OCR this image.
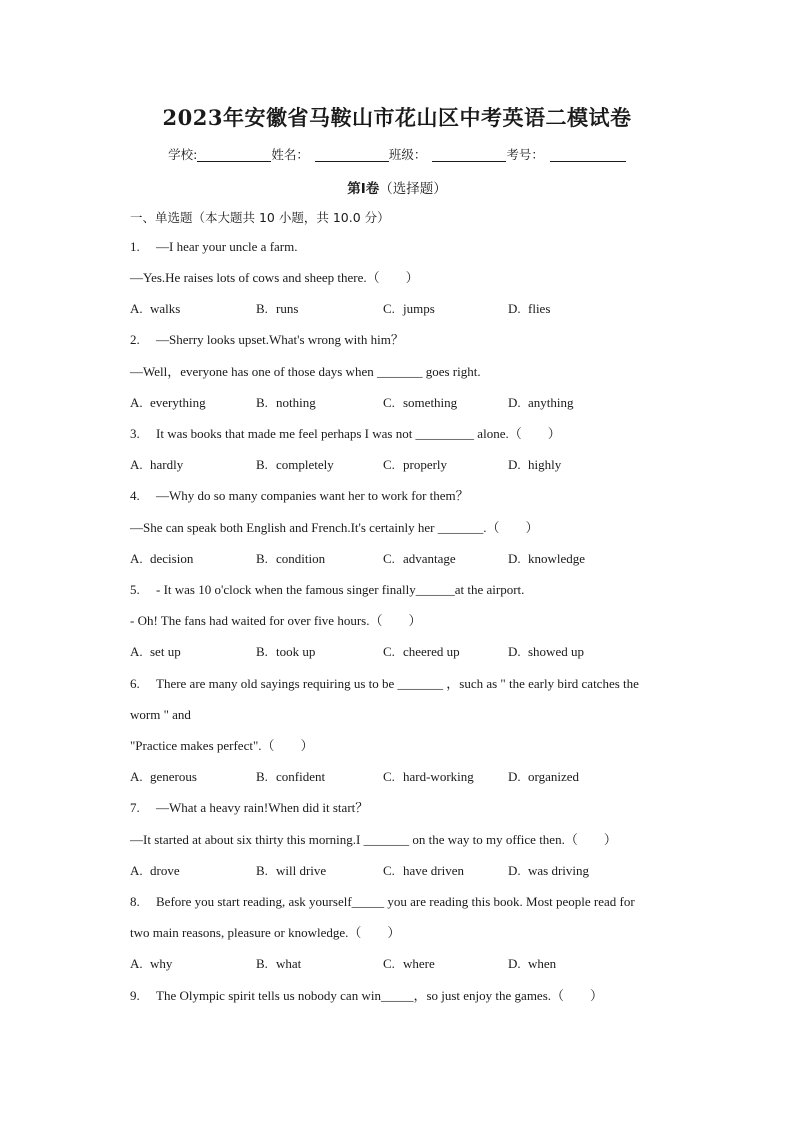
2023年安徽省马鞍山市花山区中考英语二模试卷
学校:	姓名：	班级：	考号：
第Ⅰ卷（选择题）
一、单选题（本大题共 10 小题，共 10.0 分）
1. —I hear your uncle a farm.
—Yes.He raises lots of cows and sheep there.（　　）
A. walks	B. runs	C. jumps	D. flies
2. —Sherry looks upset.What's wrong with him？
—Well，everyone has one of those days when _______ goes right.
A. everything	B. nothing	C. something	D. anything
3. It was books that made me feel perhaps I was not _________ alone.（　　）
A. hardly	B. completely	C. properly	D. highly
4. —Why do so many companies want her to work for them？
—She can speak both English and French.It's certainly her _______.（　　）
A. decision	B. condition	C. advantage	D. knowledge
5. - It was 10 o'clock when the famous singer finally______at the airport.
- Oh! The fans had waited for over five hours.（　　）
A. set up	B. took up	C. cheered up	D. showed up
6. There are many old sayings requiring us to be _______ ，such as " the early bird catches the
worm " and
"Practice makes perfect".（　　）
A. generous	B. confident	C. hard-working	D. organized
7. —What a heavy rain!When did it start？
—It started at about six thirty this morning.I _______ on the way to my office then.（　　）
A. drove	B. will drive	C. have driven	D. was driving
8. Before you start reading, ask yourself_____ you are reading this book. Most people read for
two main reasons, pleasure or knowledge.（　　）
A. why	B. what	C. where	D. when
9. The Olympic spirit tells us nobody can win_____，so just enjoy the games.（　　）
